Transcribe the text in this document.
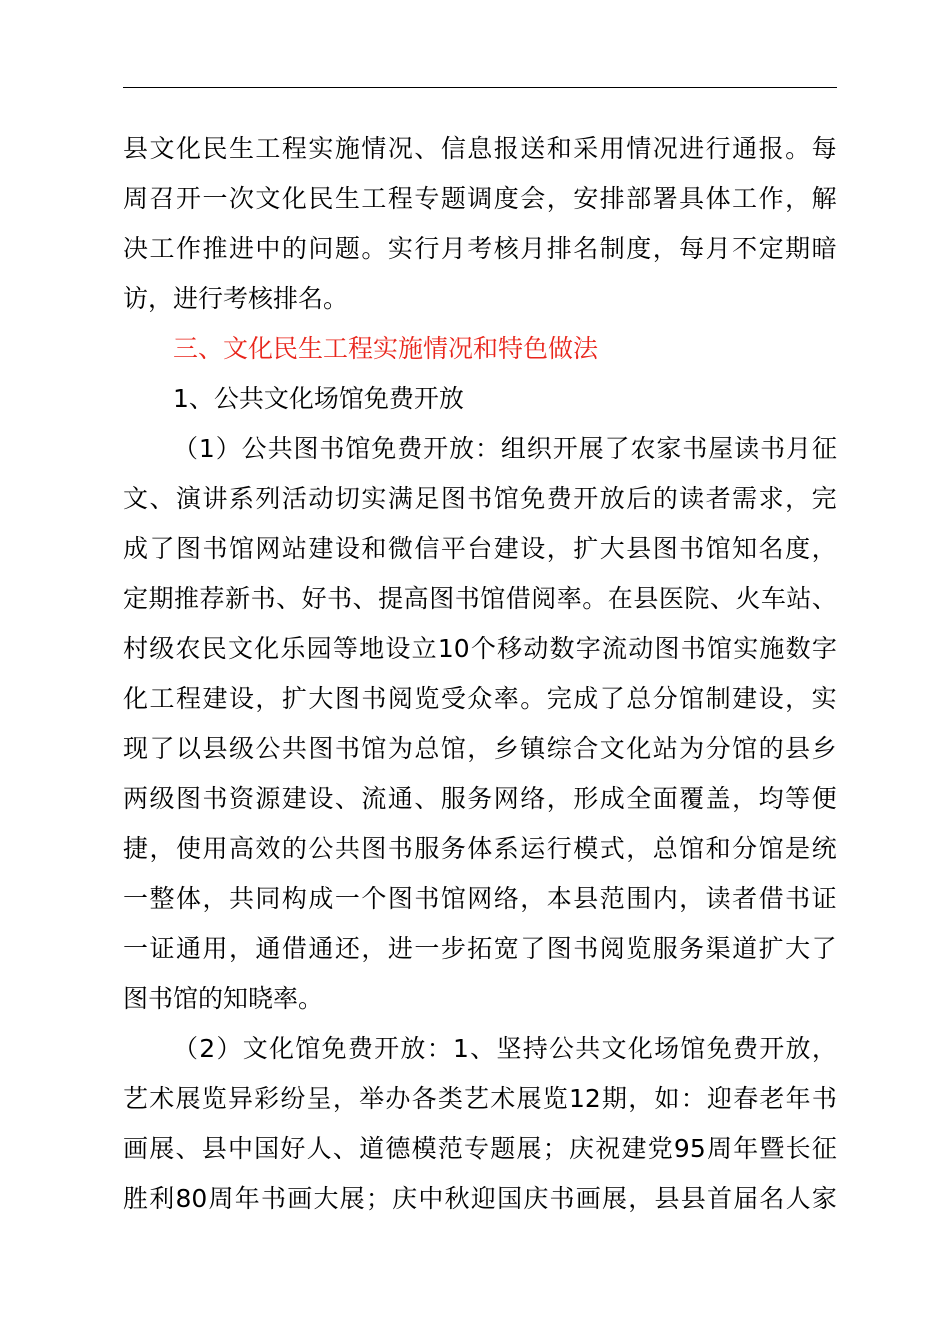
县 文 化 民 生 工 程 实 施 情 况 、 信 息 报 送 和 采 用 情 况 进 行 通 报 。 每
周 召 开 一 次 文 化 民 生 工 程 专 题 调 度 会 ， 安 排 部 署 具 体 工 作 ， 解
决 工 作 推 进 中 的 问 题 。 实 行 月 考 核 月 排 名 制 度 ， 每 月 不 定 期 暗
访，进行考核排名。
三、文化民生工程实施情况和特色做法
1、公共文化场馆免费开放
（ 1 ） 公 共 图 书 馆 免 费 开 放 ： 组 织 开 展 了 农 家 书 屋 读 书 月 征
文 、 演 讲 系 列 活 动 切 实 满 足 图 书 馆 免 费 开 放 后 的 读 者 需 求 ， 完
成 了 图 书 馆 网 站 建 设 和 微 信 平 台 建 设 ， 扩 大 县 图 书 馆 知 名 度 ，
定 期 推 荐 新 书 、 好 书 、 提 高 图 书 馆 借 阅 率 。 在 县 医 院 、 火 车 站 、
村 级 农 民 文 化 乐 园 等 地 设 立 10 个 移 动 数 字 流 动 图 书 馆 实 施 数 字
化 工 程 建 设 ， 扩 大 图 书 阅 览 受 众 率 。 完 成 了 总 分 馆 制 建 设 ， 实
现 了 以 县 级 公 共 图 书 馆 为 总 馆 ， 乡 镇 综 合 文 化 站 为 分 馆 的 县 乡
两 级 图 书 资 源 建 设 、 流 通 、 服 务 网 络 ， 形 成 全 面 覆 盖 ， 均 等 便
捷 ， 使 用 高 效 的 公 共 图 书 服 务 体 系 运 行 模 式 ， 总 馆 和 分 馆 是 统
一 整 体 ， 共 同 构 成 一 个 图 书 馆 网 络 ， 本 县 范 围 内 ， 读 者 借 书 证
一 证 通 用 ， 通 借 通 还 ， 进 一 步 拓 宽 了 图 书 阅 览 服 务 渠 道 扩 大 了
图书馆的知晓率。
（ 2 ） 文 化 馆 免 费 开 放 ： 1 、 坚 持 公 共 文 化 场 馆 免 费 开 放 ，
艺 术 展 览 异 彩 纷 呈 ， 举 办 各 类 艺 术 展 览 12 期 ， 如 ： 迎 春 老 年 书
画 展 、 县 中 国 好 人 、 道 德 模 范 专 题 展 ； 庆 祝 建 党 95 周 年 暨 长 征
胜 利 80 周 年 书 画 大 展 ； 庆 中 秋 迎 国 庆 书 画 展 ， 县 县 首 届 名 人 家
